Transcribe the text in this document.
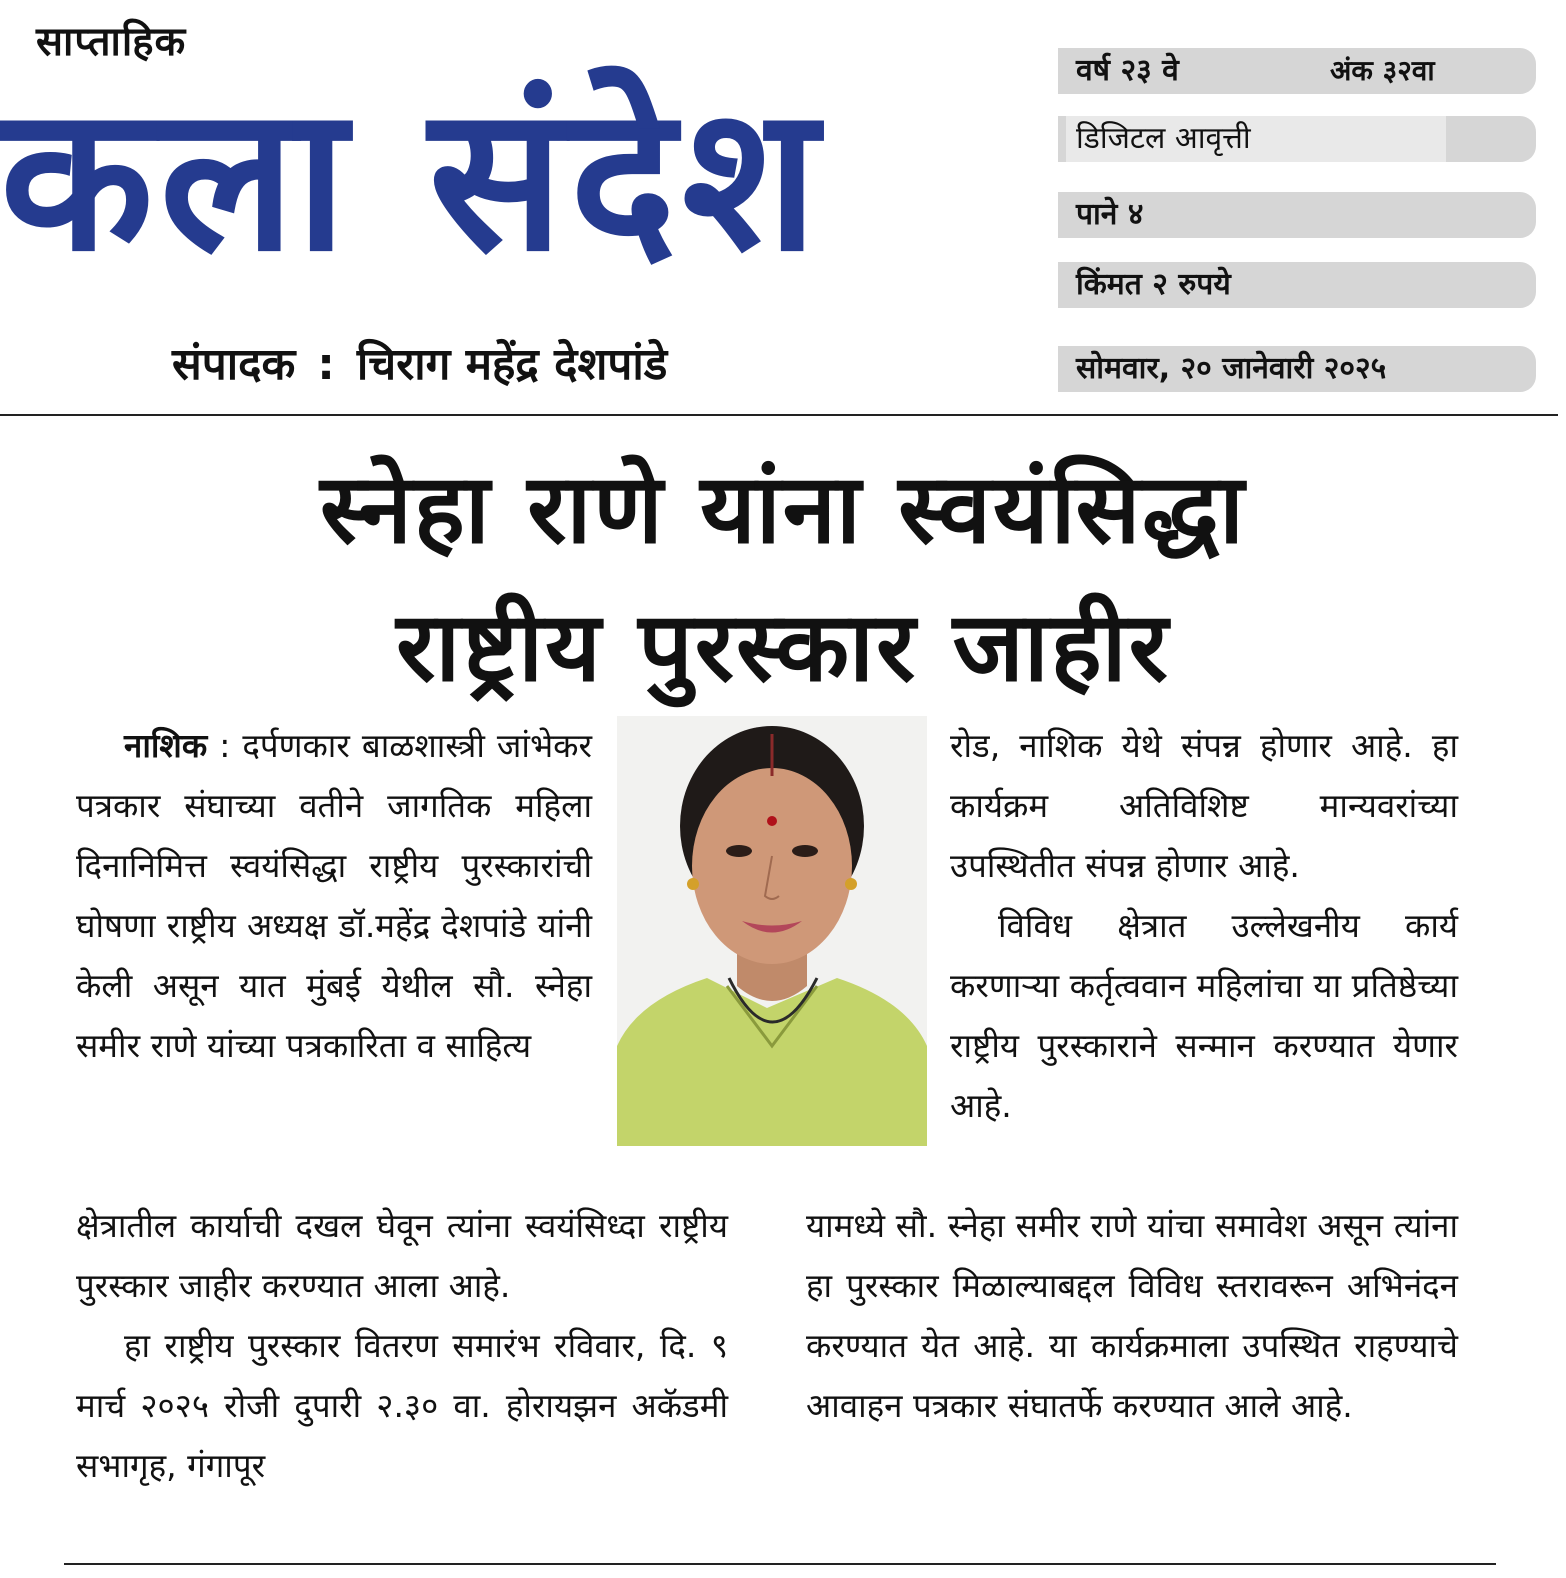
साप्ताहिक
कला संदेश
संपादक : चिराग महेंद्र देशपांडे
वर्ष २३ वे	अंक ३२वा
डिजिटल आवृत्ती
पाने ४
किंमत २ रुपये
सोमवार, २० जानेवारी २०२५
स्नेहा राणे यांना स्वयंसिद्धा
राष्ट्रीय पुरस्कार जाहीर

नाशिक : दर्पणकार बाळशास्त्री जांभेकर पत्रकार संघाच्या वतीने जागतिक महिला दिनानिमित्त स्वयंसिद्धा राष्ट्रीय पुरस्कारांची घोषणा राष्ट्रीय अध्यक्ष डॉ.महेंद्र देशपांडे यांनी केली असून यात मुंबई येथील सौ. स्नेहा समीर राणे यांच्या पत्रकारिता व साहित्य

क्षेत्रातील कार्याची दखल घेवून त्यांना स्वयंसिध्दा राष्ट्रीय पुरस्कार जाहीर करण्यात आला आहे.

हा राष्ट्रीय पुरस्कार वितरण समारंभ रविवार, दि. ९ मार्च २०२५ रोजी दुपारी २.३० वा. होरायझन अकॅडमी सभागृह, गंगापूर

रोड, नाशिक येथे संपन्न होणार आहे. हा कार्यक्रम अतिविशिष्ट मान्यवरांच्या उपस्थितीत संपन्न होणार आहे.

विविध क्षेत्रात उल्लेखनीय कार्य करणाऱ्या कर्तृत्ववान महिलांचा या प्रतिष्ठेच्या राष्ट्रीय पुरस्काराने सन्मान करण्यात येणार आहे.

यामध्ये सौ. स्नेहा समीर राणे यांचा समावेश असून त्यांना हा पुरस्कार मिळाल्याबद्दल विविध स्तरावरून अभिनंदन करण्यात येत आहे. या कार्यक्रमाला उपस्थित राहण्याचे आवाहन पत्रकार संघातर्फे करण्यात आले आहे.
